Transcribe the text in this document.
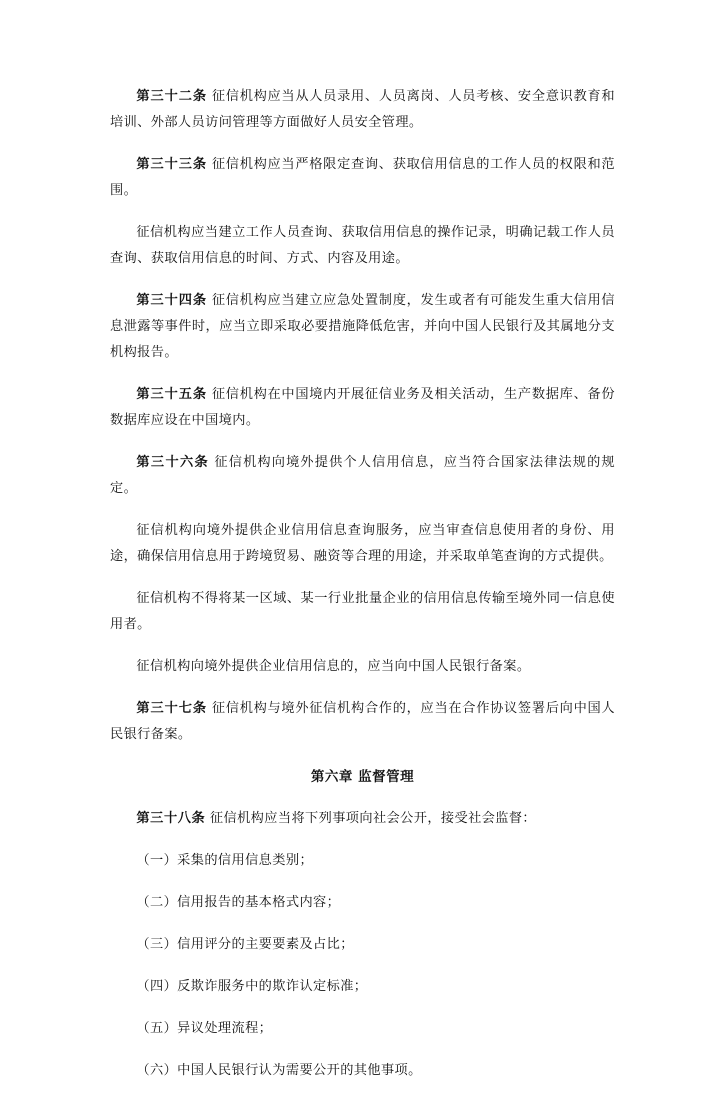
第三十二条 征信机构应当从人员录用、人员离岗、人员考核、安全意识教育和培训、外部人员访问管理等方面做好人员安全管理。

第三十三条 征信机构应当严格限定查询、获取信用信息的工作人员的权限和范围。

征信机构应当建立工作人员查询、获取信用信息的操作记录，明确记载工作人员查询、获取信用信息的时间、方式、内容及用途。

第三十四条 征信机构应当建立应急处置制度，发生或者有可能发生重大信用信息泄露等事件时，应当立即采取必要措施降低危害，并向中国人民银行及其属地分支机构报告。

第三十五条 征信机构在中国境内开展征信业务及相关活动，生产数据库、备份数据库应设在中国境内。

第三十六条 征信机构向境外提供个人信用信息，应当符合国家法律法规的规定。

征信机构向境外提供企业信用信息查询服务，应当审查信息使用者的身份、用途，确保信用信息用于跨境贸易、融资等合理的用途，并采取单笔查询的方式提供。

征信机构不得将某一区域、某一行业批量企业的信用信息传输至境外同一信息使用者。

征信机构向境外提供企业信用信息的，应当向中国人民银行备案。

第三十七条 征信机构与境外征信机构合作的，应当在合作协议签署后向中国人民银行备案。

第六章 监督管理

第三十八条 征信机构应当将下列事项向社会公开，接受社会监督：

（一）采集的信用信息类别；
（二）信用报告的基本格式内容；
（三）信用评分的主要要素及占比；
（四）反欺诈服务中的欺诈认定标准；
（五）异议处理流程；
（六）中国人民银行认为需要公开的其他事项。
